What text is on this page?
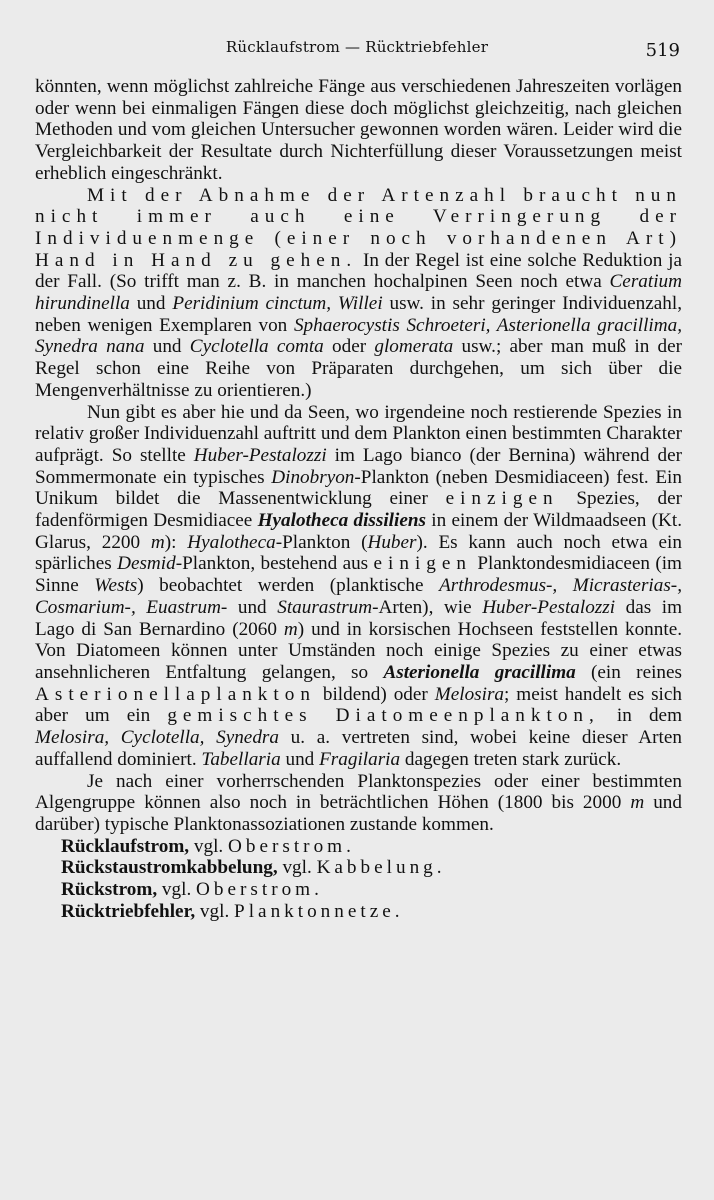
Rücklaufstrom — Rücktriebfehler	519

könnten, wenn möglichst zahlreiche Fänge aus verschiedenen Jahreszeiten vorlägen oder wenn bei einmaligen Fängen diese doch möglichst gleichzeitig, nach gleichen Methoden und vom gleichen Untersucher gewonnen worden wären. Leider wird die Vergleichbarkeit der Resultate durch Nichterfüllung dieser Voraussetzungen meist erheblich eingeschränkt.

Mit der Abnahme der Artenzahl braucht nun nicht immer auch eine Verringerung der Individuenmenge (einer noch vorhandenen Art) Hand in Hand zu gehen. In der Regel ist eine solche Reduktion ja der Fall. (So trifft man z. B. in manchen hochalpinen Seen noch etwa Ceratium hirundinella und Peridinium cinctum, Willei usw. in sehr geringer Individuenzahl, neben wenigen Exemplaren von Sphaerocystis Schroeteri, Asterionella gracillima, Synedra nana und Cyclotella comta oder glomerata usw.; aber man muß in der Regel schon eine Reihe von Präparaten durchgehen, um sich über die Mengenverhältnisse zu orientieren.)

Nun gibt es aber hie und da Seen, wo irgendeine noch restierende Spezies in relativ großer Individuenzahl auftritt und dem Plankton einen bestimmten Charakter aufprägt. So stellte Huber-Pestalozzi im Lago bianco (der Bernina) während der Sommermonate ein typisches Dinobryon-Plankton (neben Desmidiaceen) fest. Ein Unikum bildet die Massenentwicklung einer einzigen Spezies, der fadenförmigen Desmidiacee Hyalotheca dissiliens in einem der Wildmaadseen (Kt. Glarus, 2200 m): Hyalotheca-Plankton (Huber). Es kann auch noch etwa ein spärliches Desmid-Plankton, bestehend aus einigen Planktondesmidiaceen (im Sinne Wests) beobachtet werden (planktische Arthrodesmus-, Micrasterias-, Cosmarium-, Euastrum- und Staurastrum-Arten), wie Huber-Pestalozzi das im Lago di San Bernardino (2060 m) und in korsischen Hochseen feststellen konnte. Von Diatomeen können unter Umständen noch einige Spezies zu einer etwas ansehnlicheren Entfaltung gelangen, so Asterionella gracillima (ein reines Asterionellaplankton bildend) oder Melosira; meist handelt es sich aber um ein gemischtes Diatomeenplankton, in dem Melosira, Cyclotella, Synedra u. a. vertreten sind, wobei keine dieser Arten auffallend dominiert. Tabellaria und Fragilaria dagegen treten stark zurück.

Je nach einer vorherrschenden Planktonspezies oder einer bestimmten Algengruppe können also noch in beträchtlichen Höhen (1800 bis 2000 m und darüber) typische Planktonassoziationen zustande kommen.

Rücklaufstrom, vgl. Oberstrom.
Rückstaustromkabbelung, vgl. Kabbelung.
Rückstrom, vgl. Oberstrom.
Rücktriebfehler, vgl. Planktonnetze.
